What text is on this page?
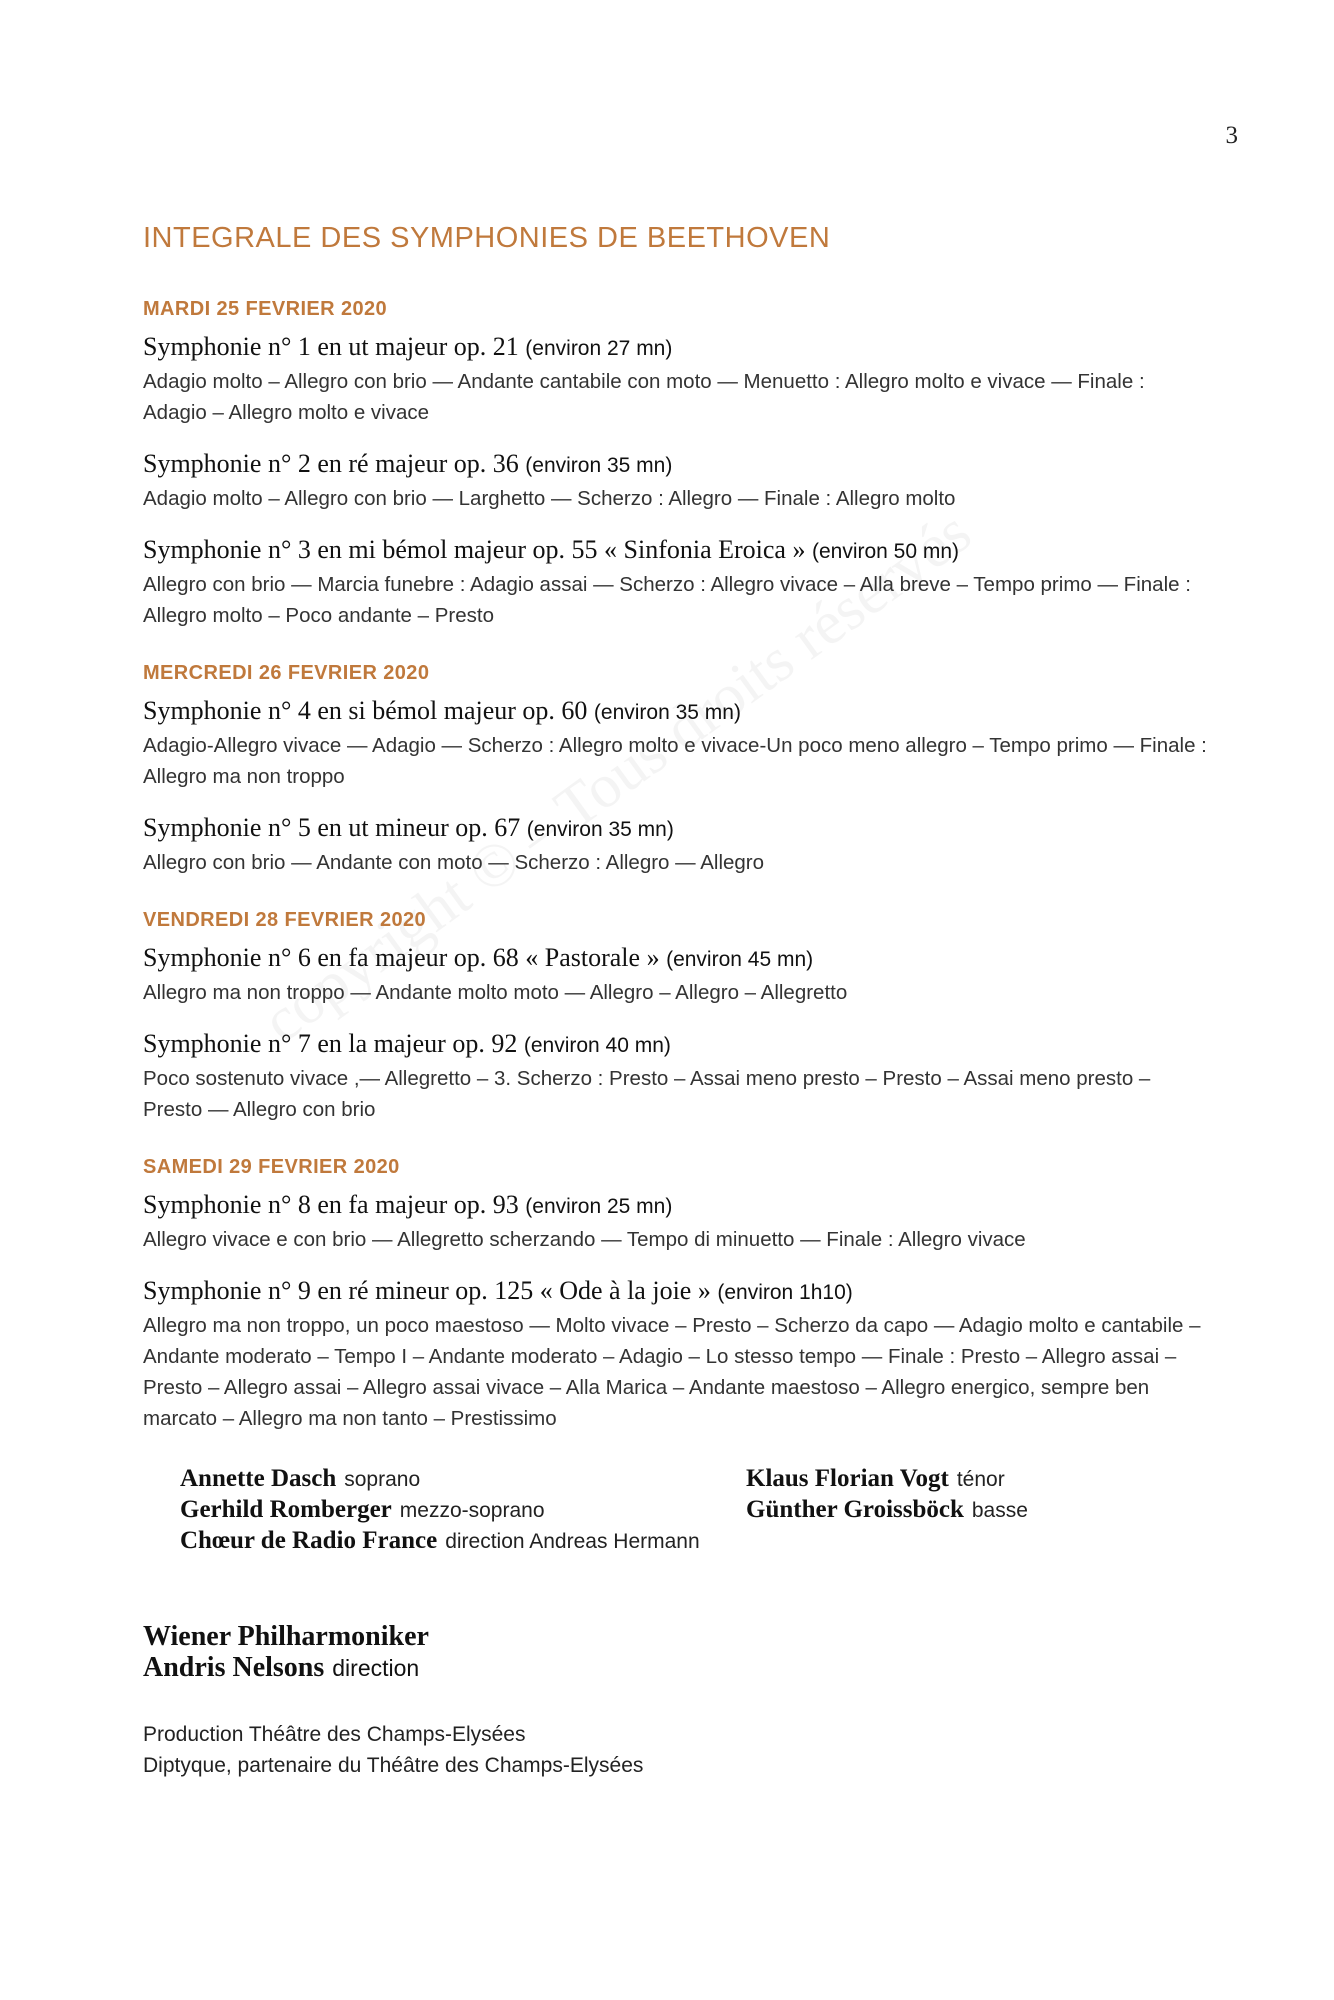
3
INTEGRALE DES SYMPHONIES DE BEETHOVEN
MARDI 25 FEVRIER 2020
Symphonie n° 1 en ut majeur op. 21 (environ 27 mn)
Adagio molto – Allegro con brio — Andante cantabile con moto — Menuetto : Allegro molto e vivace — Finale : Adagio – Allegro molto e vivace
Symphonie n° 2 en ré majeur op. 36 (environ 35 mn)
Adagio molto – Allegro con brio — Larghetto — Scherzo : Allegro — Finale : Allegro molto
Symphonie n° 3 en mi bémol majeur op. 55 « Sinfonia Eroica » (environ 50 mn)
Allegro con brio — Marcia funebre : Adagio assai — Scherzo : Allegro vivace – Alla breve – Tempo primo — Finale : Allegro molto – Poco andante – Presto
MERCREDI 26 FEVRIER 2020
Symphonie n° 4 en si bémol majeur op. 60 (environ 35 mn)
Adagio-Allegro vivace — Adagio — Scherzo : Allegro molto e vivace-Un poco meno allegro – Tempo primo — Finale : Allegro ma non troppo
Symphonie n° 5 en ut mineur op. 67 (environ 35 mn)
Allegro con brio — Andante con moto — Scherzo : Allegro — Allegro
VENDREDI 28 FEVRIER 2020
Symphonie n° 6 en fa majeur op. 68 « Pastorale » (environ 45 mn)
Allegro ma non troppo — Andante molto moto — Allegro – Allegro – Allegretto
Symphonie n° 7 en la majeur op. 92 (environ 40 mn)
Poco sostenuto vivace ,— Allegretto – 3. Scherzo : Presto – Assai meno presto – Presto – Assai meno presto – Presto — Allegro con brio
SAMEDI 29 FEVRIER 2020
Symphonie n° 8 en fa majeur op. 93 (environ 25 mn)
Allegro vivace e con brio — Allegretto scherzando — Tempo di minuetto — Finale : Allegro vivace
Symphonie n° 9 en ré mineur op. 125 « Ode à la joie » (environ 1h10)
Allegro ma non troppo, un poco maestoso — Molto vivace – Presto – Scherzo da capo — Adagio molto e cantabile – Andante moderato – Tempo I – Andante moderato – Adagio – Lo stesso tempo — Finale : Presto – Allegro assai – Presto – Allegro assai – Allegro assai vivace – Alla Marica – Andante maestoso – Allegro energico, sempre ben marcato – Allegro ma non tanto – Prestissimo
Annette Dasch soprano	Klaus Florian Vogt ténor
Gerhild Romberger mezzo-soprano	Günther Groissböck basse
Chœur de Radio France direction Andreas Hermann
Wiener Philharmoniker
Andris Nelsons direction
Production Théâtre des Champs-Elysées
Diptyque, partenaire du Théâtre des Champs-Elysées
